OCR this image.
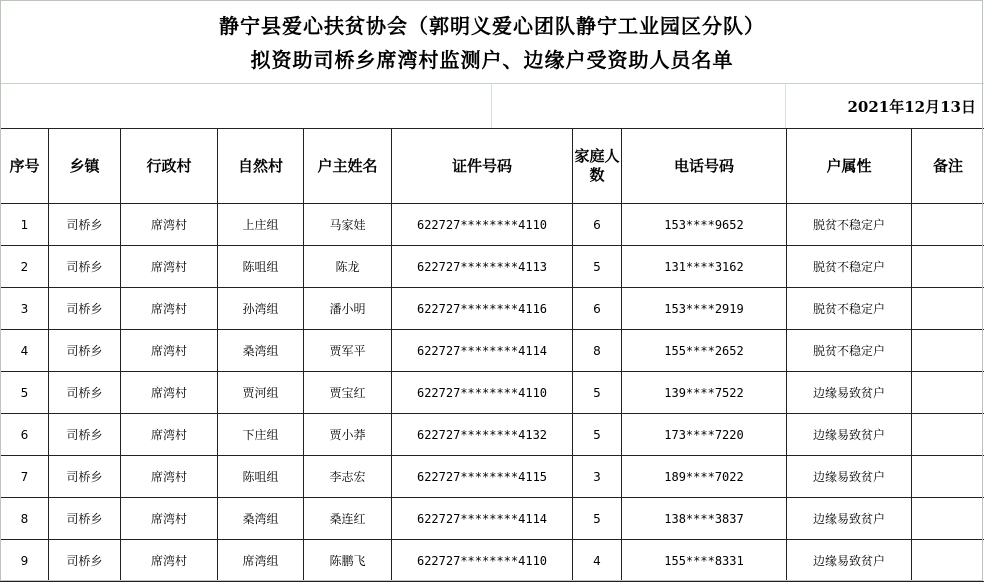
静宁县爱心扶贫协会（郭明义爱心团队静宁工业园区分队）
拟资助司桥乡席湾村监测户、边缘户受资助人员名单
2021年12月13日
序号	乡镇	行政村	自然村	户主姓名	证件号码	家庭人数	电话号码	户属性	备注
1	司桥乡	席湾村	上庄组	马家娃	622727********4110	6	153****9652	脱贫不稳定户	
2	司桥乡	席湾村	陈咀组	陈龙	622727********4113	5	131****3162	脱贫不稳定户	
3	司桥乡	席湾村	孙湾组	潘小明	622727********4116	6	153****2919	脱贫不稳定户	
4	司桥乡	席湾村	桑湾组	贾军平	622727********4114	8	155****2652	脱贫不稳定户	
5	司桥乡	席湾村	贾河组	贾宝红	622727********4110	5	139****7522	边缘易致贫户	
6	司桥乡	席湾村	下庄组	贾小莽	622727********4132	5	173****7220	边缘易致贫户	
7	司桥乡	席湾村	陈咀组	李志宏	622727********4115	3	189****7022	边缘易致贫户	
8	司桥乡	席湾村	桑湾组	桑连红	622727********4114	5	138****3837	边缘易致贫户	
9	司桥乡	席湾村	席湾组	陈鹏飞	622727********4110	4	155****8331	边缘易致贫户	
